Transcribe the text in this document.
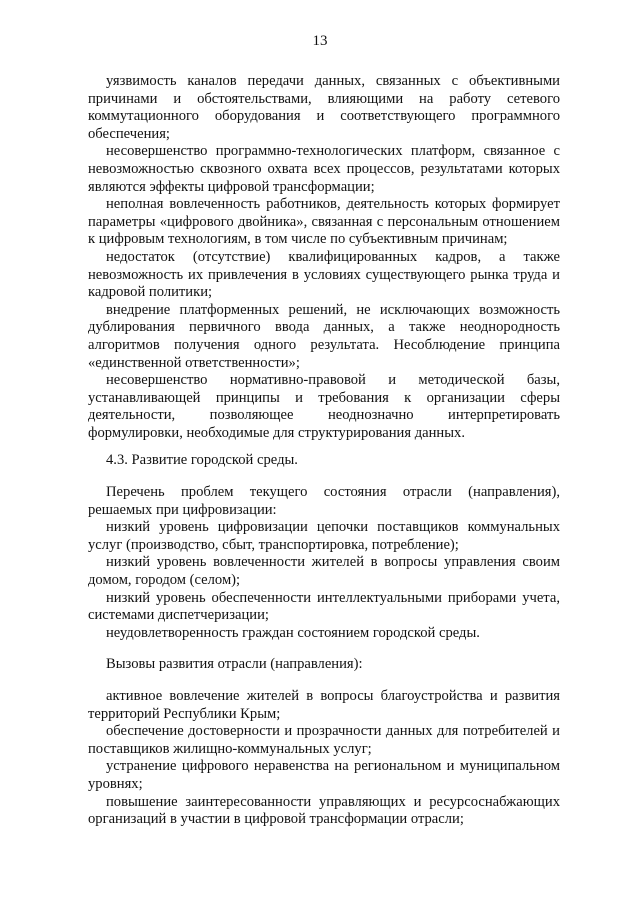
13

уязвимость каналов передачи данных, связанных с объективными причинами и обстоятельствами, влияющими на работу сетевого коммутационного оборудования и соответствующего программного обеспечения;

несовершенство программно-технологических платформ, связанное с невозможностью сквозного охвата всех процессов, результатами которых являются эффекты цифровой трансформации;

неполная вовлеченность работников, деятельность которых формирует параметры «цифрового двойника», связанная с персональным отношением к цифровым технологиям, в том числе по субъективным причинам;

недостаток (отсутствие) квалифицированных кадров, а также невозможность их привлечения в условиях существующего рынка труда и кадровой политики;

внедрение платформенных решений, не исключающих возможность дублирования первичного ввода данных, а также неоднородность алгоритмов получения одного результата. Несоблюдение принципа «единственной ответственности»;

несовершенство нормативно-правовой и методической базы, устанавливающей принципы и требования к организации сферы деятельности, позволяющее неоднозначно интерпретировать формулировки, необходимые для структурирования данных.

4.3. Развитие городской среды.

Перечень проблем текущего состояния отрасли (направления), решаемых при цифровизации:

низкий уровень цифровизации цепочки поставщиков коммунальных услуг (производство, сбыт, транспортировка, потребление);

низкий уровень вовлеченности жителей в вопросы управления своим домом, городом (селом);

низкий уровень обеспеченности интеллектуальными приборами учета, системами диспетчеризации;

неудовлетворенность граждан состоянием городской среды.

Вызовы развития отрасли (направления):

активное вовлечение жителей в вопросы благоустройства и развития территорий Республики Крым;

обеспечение достоверности и прозрачности данных для потребителей и поставщиков жилищно-коммунальных услуг;

устранение цифрового неравенства на региональном и муниципальном уровнях;

повышение заинтересованности управляющих и ресурсоснабжающих организаций в участии в цифровой трансформации отрасли;
